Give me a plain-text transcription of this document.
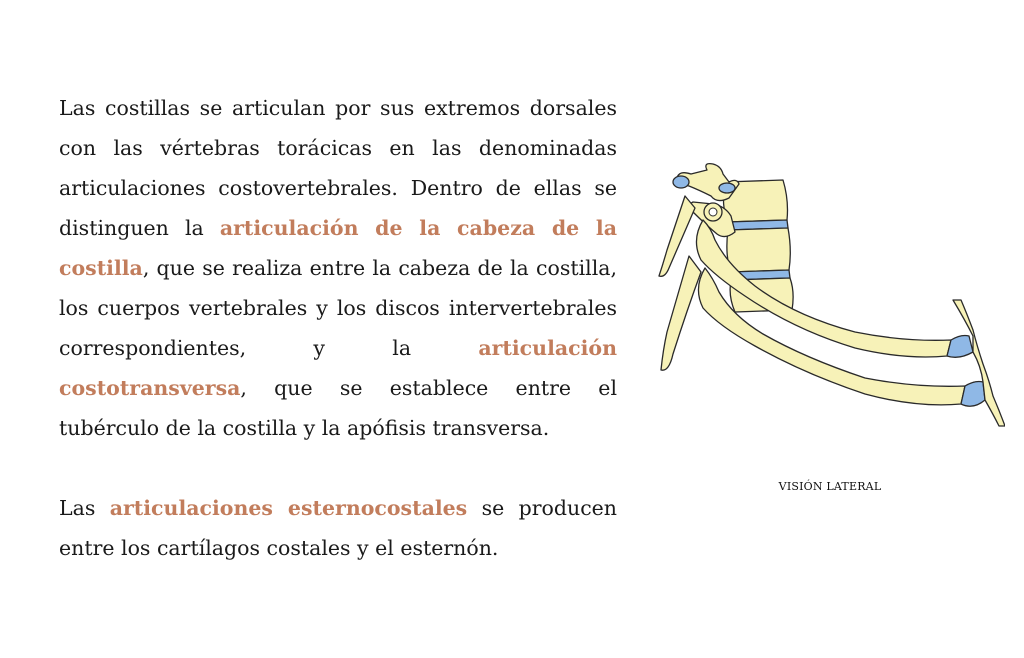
Las costillas se articulan por sus extremos dorsales con las vértebras torácicas en las denominadas articulaciones costovertebrales. Dentro de ellas se distinguen la articulación de la cabeza de la costilla, que se realiza entre la cabeza de la costilla, los cuerpos vertebrales y los discos intervertebrales correspondientes, y la articulación costotransversa, que se establece entre el tubérculo de la costilla y la apófisis transversa.

Las articulaciones esternocostales se producen entre los cartílagos costales y el esternón.

VISIÓN LATERAL
